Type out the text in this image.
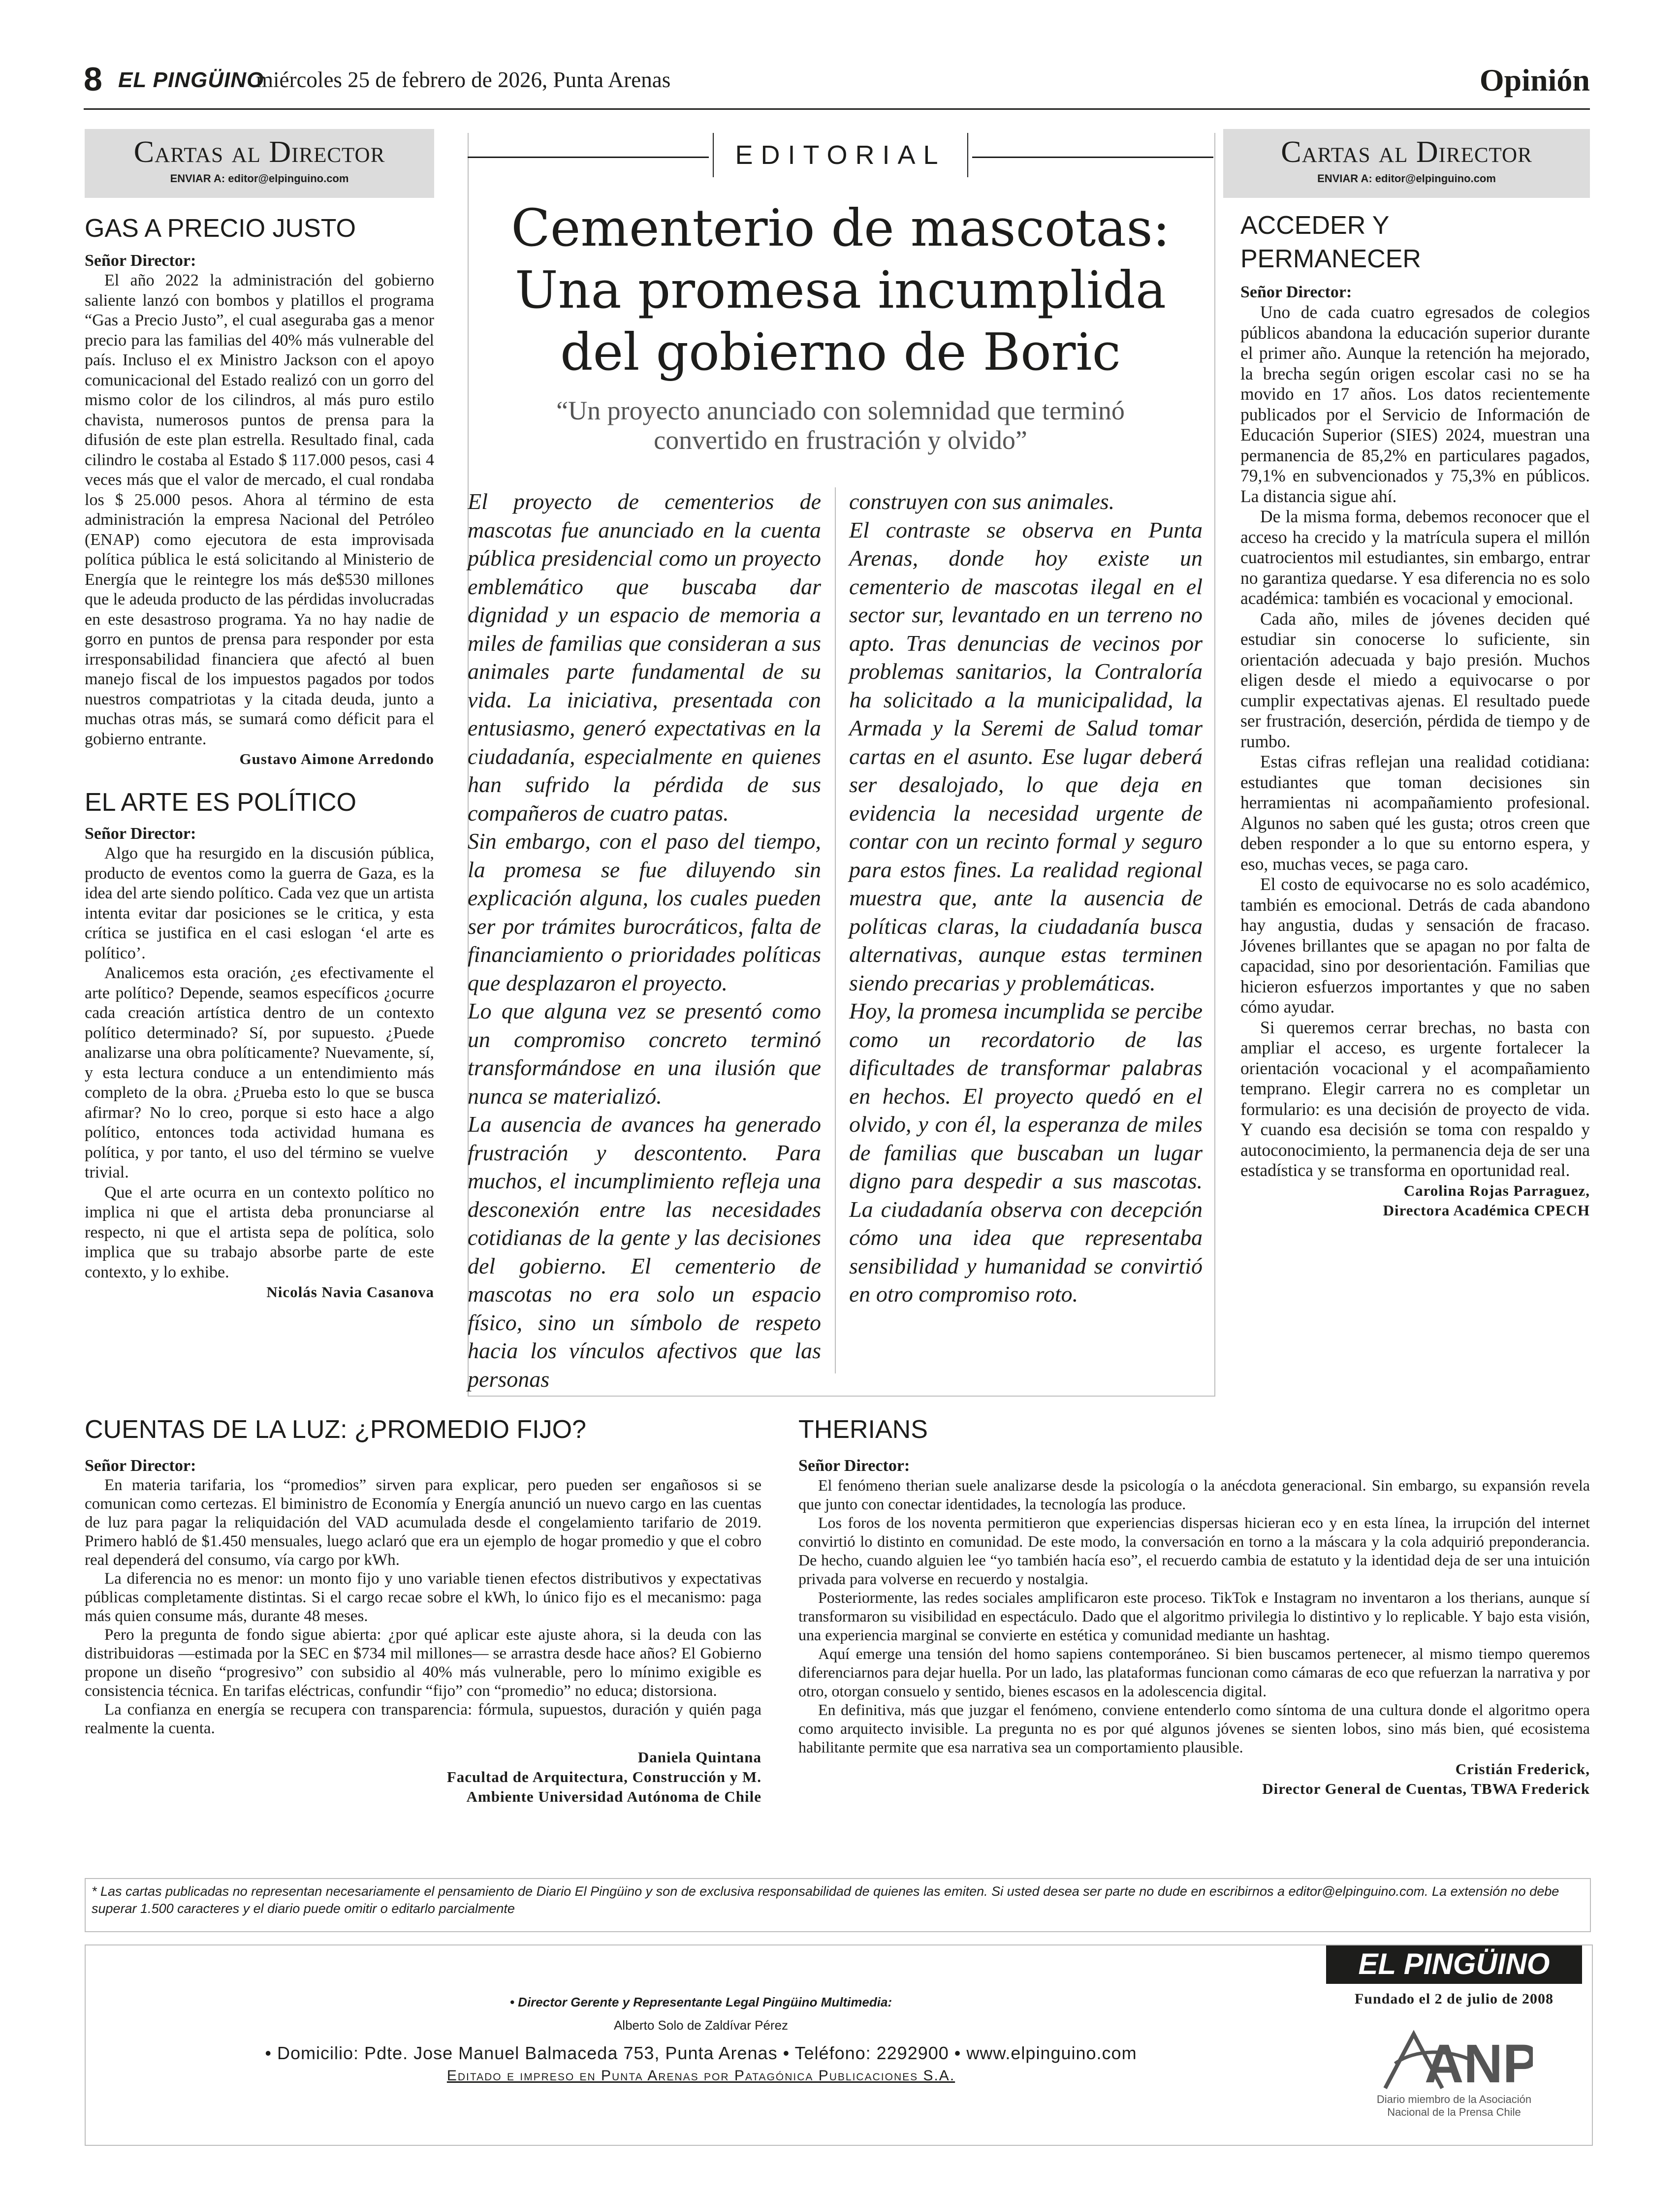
8 EL PINGÜINO
miércoles 25 de febrero de 2026, Punta Arenas	Opinión
Cartas al Director
ENVIAR A: editor@elpinguino.com
GAS A PRECIO JUSTO
Señor Director:

El año 2022 la administración del gobierno saliente lanzó con bombos y platillos el programa “Gas a Precio Justo”, el cual aseguraba gas a menor precio para las familias del 40% más vulnerable del país. Incluso el ex Ministro Jackson con el apoyo comunicacional del Estado realizó con un gorro del mismo color de los cilindros, al más puro estilo chavista, numerosos puntos de prensa para la difusión de este plan estrella. Resultado final, cada cilindro le costaba al Estado $ 117.000 pesos, casi 4 veces más que el valor de mercado, el cual rondaba los $ 25.000 pesos. Ahora al término de esta administración la empresa Nacional del Petróleo (ENAP) como ejecutora de esta improvisada política pública le está solicitando al Ministerio de Energía que le reintegre los más de$530 millones que le adeuda producto de las pérdidas involucradas en este desastroso programa. Ya no hay nadie de gorro en puntos de prensa para responder por esta irresponsabilidad financiera que afectó al buen manejo fiscal de los impuestos pagados por todos nuestros compatriotas y la citada deuda, junto a muchas otras más, se sumará como déficit para el gobierno entrante.

Gustavo Aimone Arredondo
EL ARTE ES POLÍTICO
Señor Director:

Algo que ha resurgido en la discusión pública, producto de eventos como la guerra de Gaza, es la idea del arte siendo político. Cada vez que un artista intenta evitar dar posiciones se le critica, y esta crítica se justifica en el casi eslogan ‘el arte es político’.

Analicemos esta oración, ¿es efectivamente el arte político? Depende, seamos específicos ¿ocurre cada creación artística dentro de un contexto político determinado? Sí, por supuesto. ¿Puede analizarse una obra políticamente? Nuevamente, sí, y esta lectura conduce a un entendimiento más completo de la obra. ¿Prueba esto lo que se busca afirmar? No lo creo, porque si esto hace a algo político, entonces toda actividad humana es política, y por tanto, el uso del término se vuelve trivial.

Que el arte ocurra en un contexto político no implica ni que el artista deba pronunciarse al respecto, ni que el artista sepa de política, solo implica que su trabajo absorbe parte de este contexto, y lo exhibe.

Nicolás Navia Casanova
EDITORIAL
Cementerio de mascotas:
Una promesa incumplida
del gobierno de Boric
“Un proyecto anunciado con solemnidad que terminó convertido en frustración y olvido”

El proyecto de cementerios de mascotas fue anunciado en la cuenta pública presidencial como un proyecto emblemático que buscaba dar dignidad y un espacio de memoria a miles de familias que consideran a sus animales parte fundamental de su vida. La iniciativa, presentada con entusiasmo, generó expectativas en la ciudadanía, especialmente en quienes han sufrido la pérdida de sus compañeros de cuatro patas.

Sin embargo, con el paso del tiempo, la promesa se fue diluyendo sin explicación alguna, los cuales pueden ser por trámites burocráticos, falta de financiamiento o prioridades políticas que desplazaron el proyecto.

Lo que alguna vez se presentó como un compromiso concreto terminó transformándose en una ilusión que nunca se materializó.

La ausencia de avances ha generado frustración y descontento. Para muchos, el incumplimiento refleja una desconexión entre las necesidades cotidianas de la gente y las decisiones del gobierno. El cementerio de mascotas no era solo un espacio físico, sino un símbolo de respeto hacia los vínculos afectivos que las personas

construyen con sus animales.

El contraste se observa en Punta Arenas, donde hoy existe un cementerio de mascotas ilegal en el sector sur, levantado en un terreno no apto. Tras denuncias de vecinos por problemas sanitarios, la Contraloría ha solicitado a la municipalidad, la Armada y la Seremi de Salud tomar cartas en el asunto. Ese lugar deberá ser desalojado, lo que deja en evidencia la necesidad urgente de contar con un recinto formal y seguro para estos fines. La realidad regional muestra que, ante la ausencia de políticas claras, la ciudadanía busca alternativas, aunque estas terminen siendo precarias y problemáticas.

Hoy, la promesa incumplida se percibe como un recordatorio de las dificultades de transformar palabras en hechos. El proyecto quedó en el olvido, y con él, la esperanza de miles de familias que buscaban un lugar digno para despedir a sus mascotas. La ciudadanía observa con decepción cómo una idea que representaba sensibilidad y humanidad se convirtió en otro compromiso roto.

Cartas al Director
ENVIAR A: editor@elpinguino.com
ACCEDER Y
PERMANECER
Señor Director:

Uno de cada cuatro egresados de colegios públicos abandona la educación superior durante el primer año. Aunque la retención ha mejorado, la brecha según origen escolar casi no se ha movido en 17 años. Los datos recientemente publicados por el Servicio de Información de Educación Superior (SIES) 2024, muestran una permanencia de 85,2% en particulares pagados, 79,1% en subvencionados y 75,3% en públicos. La distancia sigue ahí.

De la misma forma, debemos reconocer que el acceso ha crecido y la matrícula supera el millón cuatrocientos mil estudiantes, sin embargo, entrar no garantiza quedarse. Y esa diferencia no es solo académica: también es vocacional y emocional.

Cada año, miles de jóvenes deciden qué estudiar sin conocerse lo suficiente, sin orientación adecuada y bajo presión. Muchos eligen desde el miedo a equivocarse o por cumplir expectativas ajenas. El resultado puede ser frustración, deserción, pérdida de tiempo y de rumbo.

Estas cifras reflejan una realidad cotidiana: estudiantes que toman decisiones sin herramientas ni acompañamiento profesional. Algunos no saben qué les gusta; otros creen que deben responder a lo que su entorno espera, y eso, muchas veces, se paga caro.

El costo de equivocarse no es solo académico, también es emocional. Detrás de cada abandono hay angustia, dudas y sensación de fracaso. Jóvenes brillantes que se apagan no por falta de capacidad, sino por desorientación. Familias que hicieron esfuerzos importantes y que no saben cómo ayudar.

Si queremos cerrar brechas, no basta con ampliar el acceso, es urgente fortalecer la orientación vocacional y el acompañamiento temprano. Elegir carrera no es completar un formulario: es una decisión de proyecto de vida. Y cuando esa decisión se toma con respaldo y autoconocimiento, la permanencia deja de ser una estadística y se transforma en oportunidad real.

Carolina Rojas Parraguez,
Directora Académica CPECH
CUENTAS DE LA LUZ: ¿PROMEDIO FIJO?
Señor Director:

En materia tarifaria, los “promedios” sirven para explicar, pero pueden ser engañosos si se comunican como certezas. El biministro de Economía y Energía anunció un nuevo cargo en las cuentas de luz para pagar la reliquidación del VAD acumulada desde el congelamiento tarifario de 2019. Primero habló de $1.450 mensuales, luego aclaró que era un ejemplo de hogar promedio y que el cobro real dependerá del consumo, vía cargo por kWh.

La diferencia no es menor: un monto fijo y uno variable tienen efectos distributivos y expectativas públicas completamente distintas. Si el cargo recae sobre el kWh, lo único fijo es el mecanismo: paga más quien consume más, durante 48 meses.

Pero la pregunta de fondo sigue abierta: ¿por qué aplicar este ajuste ahora, si la deuda con las distribuidoras —estimada por la SEC en $734 mil millones— se arrastra desde hace años? El Gobierno propone un diseño “progresivo” con subsidio al 40% más vulnerable, pero lo mínimo exigible es consistencia técnica. En tarifas eléctricas, confundir “fijo” con “promedio” no educa; distorsiona.

La confianza en energía se recupera con transparencia: fórmula, supuestos, duración y quién paga realmente la cuenta.

Daniela Quintana
Facultad de Arquitectura, Construcción y M.
Ambiente Universidad Autónoma de Chile
THERIANS
Señor Director:

El fenómeno therian suele analizarse desde la psicología o la anécdota generacional. Sin embargo, su expansión revela que junto con conectar identidades, la tecnología las produce.

Los foros de los noventa permitieron que experiencias dispersas hicieran eco y en esta línea, la irrupción del internet convirtió lo distinto en comunidad. De este modo, la conversación en torno a la máscara y la cola adquirió preponderancia. De hecho, cuando alguien lee “yo también hacía eso”, el recuerdo cambia de estatuto y la identidad deja de ser una intuición privada para volverse en recuerdo y nostalgia.

Posteriormente, las redes sociales amplificaron este proceso. TikTok e Instagram no inventaron a los therians, aunque sí transformaron su visibilidad en espectáculo. Dado que el algoritmo privilegia lo distintivo y lo replicable. Y bajo esta visión, una experiencia marginal se convierte en estética y comunidad mediante un hashtag.

Aquí emerge una tensión del homo sapiens contemporáneo. Si bien buscamos pertenecer, al mismo tiempo queremos diferenciarnos para dejar huella. Por un lado, las plataformas funcionan como cámaras de eco que refuerzan la narrativa y por otro, otorgan consuelo y sentido, bienes escasos en la adolescencia digital.

En definitiva, más que juzgar el fenómeno, conviene entenderlo como síntoma de una cultura donde el algoritmo opera como arquitecto invisible. La pregunta no es por qué algunos jóvenes se sienten lobos, sino más bien, qué ecosistema habilitante permite que esa narrativa sea un comportamiento plausible.

Cristián Frederick,
Director General de Cuentas, TBWA Frederick
* Las cartas publicadas no representan necesariamente el pensamiento de Diario El Pingüino y son de exclusiva responsabilidad de quienes las emiten. Si usted desea ser parte no dude en escribirnos a editor@elpinguino.com. La extensión no debe superar 1.500 caracteres y el diario puede omitir o editarlo parcialmente
• Director Gerente y Representante Legal Pingüino Multimedia:
Alberto Solo de Zaldívar Pérez
• Domicilio: Pdte. Jose Manuel Balmaceda 753, Punta Arenas • Teléfono: 2292900 • www.elpinguino.com
Editado e impreso en Punta Arenas por Patagónica Publicaciones S.A.
EL PINGÜINO
Fundado el 2 de julio de 2008
ANP
Diario miembro de la Asociación
Nacional de la Prensa Chile
